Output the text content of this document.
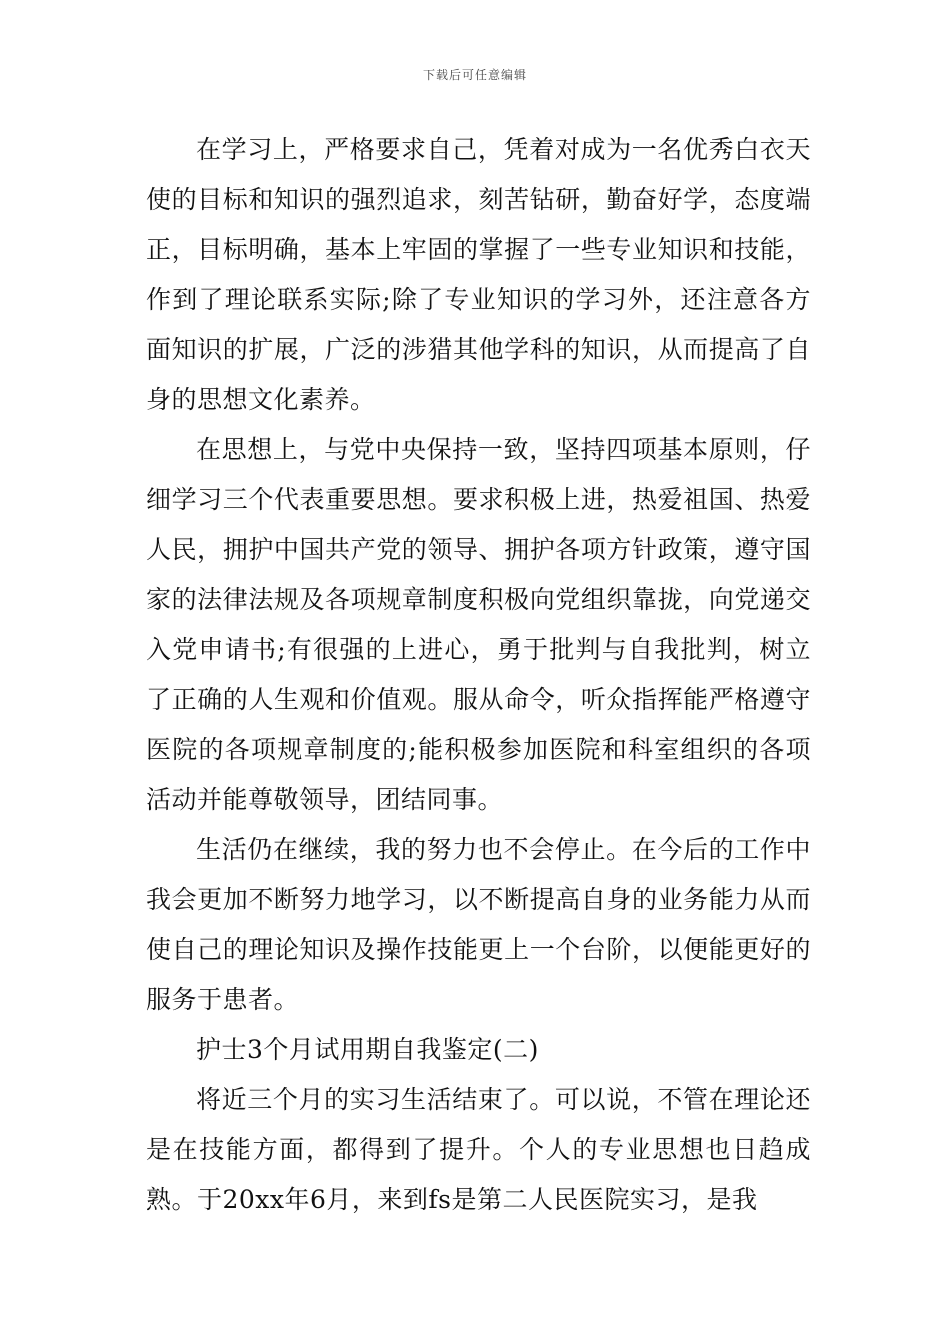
下载后可任意编辑

在学习上，严格要求自己，凭着对成为一名优秀白衣天使的目标和知识的强烈追求，刻苦钻研，勤奋好学，态度端正，目标明确，基本上牢固的掌握了一些专业知识和技能，作到了理论联系实际;除了专业知识的学习外，还注意各方面知识的扩展，广泛的涉猎其他学科的知识，从而提高了自身的思想文化素养。

在思想上，与党中央保持一致，坚持四项基本原则，仔细学习三个代表重要思想。要求积极上进，热爱祖国、热爱人民，拥护中国共产党的领导、拥护各项方针政策，遵守国家的法律法规及各项规章制度积极向党组织靠拢，向党递交入党申请书;有很强的上进心，勇于批判与自我批判，树立了正确的人生观和价值观。服从命令，听众指挥能严格遵守医院的各项规章制度的;能积极参加医院和科室组织的各项活动并能尊敬领导，团结同事。

生活仍在继续，我的努力也不会停止。在今后的工作中我会更加不断努力地学习，以不断提高自身的业务能力从而使自己的理论知识及操作技能更上一个台阶，以便能更好的服务于患者。

护士3个月试用期自我鉴定(二)

将近三个月的实习生活结束了。可以说，不管在理论还是在技能方面，都得到了提升。个人的专业思想也日趋成熟。于20xx年6月，来到fs是第二人民医院实习，是我
